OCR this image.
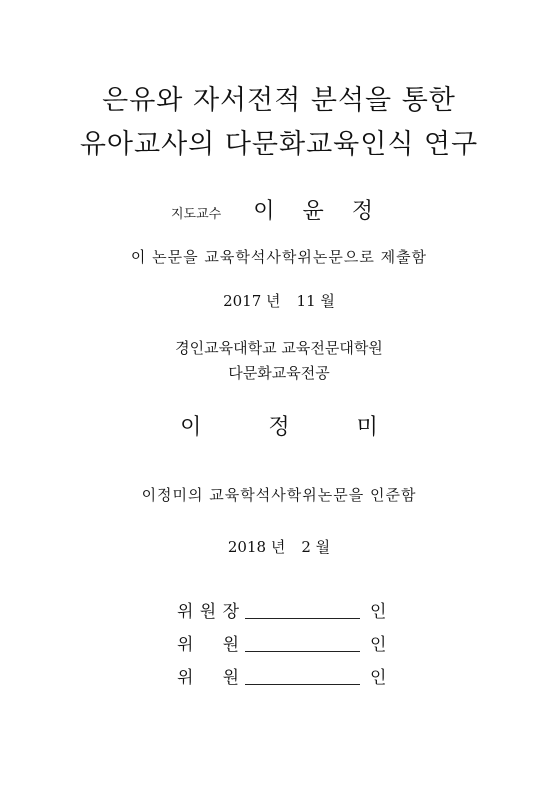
은유와 자서전적 분석을 통한
유아교사의 다문화교육인식 연구
지도교수 이 윤 정
이 논문을 교육학석사학위논문으로 제출함
2017 년 11 월
경인교육대학교 교육전문대학원
다문화교육전공
이	정	미
이정미의 교육학석사학위논문을 인준함
2018 년 2 월
위 원 장	인
위 원	인
위 원	인
